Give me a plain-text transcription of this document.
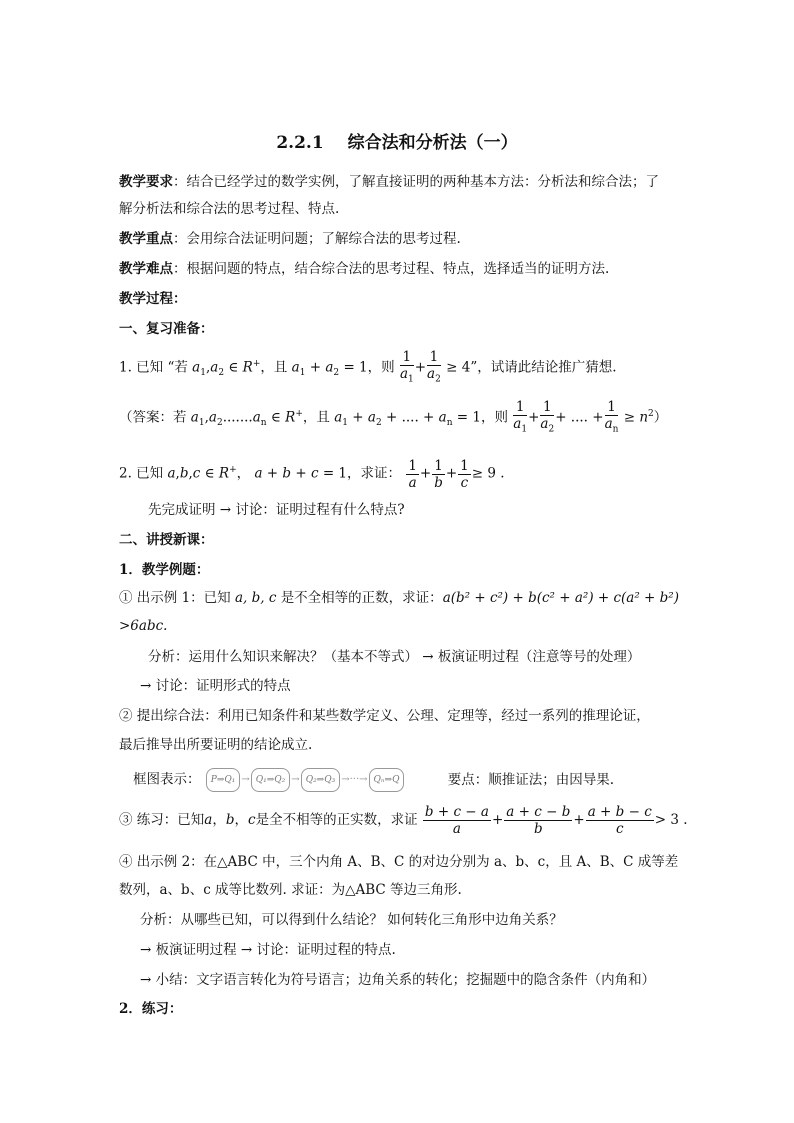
2.2.1 综合法和分析法（一）
教学要求：结合已经学过的数学实例，了解直接证明的两种基本方法：分析法和综合法；了
解分析法和综合法的思考过程、特点.
教学重点：会用综合法证明问题；了解综合法的思考过程.
教学难点：根据问题的特点，结合综合法的思考过程、特点，选择适当的证明方法.
教学过程：
一、复习准备：
1. 已知 “若 $a_1,a_2$ ∈ R+，且 $a_1 + a_2 = 1$，则 $\frac{1}{a_1} + \frac{1}{a_2} \ge 4$”，试请此结论推广猜想.
（答案：若 $a_1,a_2.......a_n$ ∈ R+，且 $a_1 + a_2$ + .... + $a_n = 1$，则 $\frac{1}{a_1} + \frac{1}{a_2}$ + .... + $\frac{1}{a_n} \ge n^2$）
2. 已知 a,b,c ∈ R+， a + b + c = 1，求证： $\frac{1}{a} + \frac{1}{b} + \frac{1}{c} \ge 9$ .
先完成证明 → 讨论：证明过程有什么特点?
二、讲授新课：
1．教学例题：
① 出示例 1：已知 a, b, c 是不全相等的正数，求证：a(b² + c²) + b(c² + a²) + c(a² + b²)
>6abc.
分析：运用什么知识来解决？（基本不等式） → 板演证明过程（注意等号的处理）
→ 讨论：证明形式的特点
② 提出综合法：利用已知条件和某些数学定义、公理、定理等，经过一系列的推理论证，
最后推导出所要证明的结论成立.
框图表示： P⇒Q₁ → Q₁⇒Q₂ → Q₂⇒Q₃ →···→ Qₙ⇒Q	要点：顺推证法；由因导果.
③ 练习：已知a，b，c是全不相等的正实数，求证 $\frac{b + c - a}{a} + \frac{a + c - b}{b} + \frac{a + b - c}{c} > 3$ .
④ 出示例 2：在△ABC 中，三个内角 A、B、C 的对边分别为 a、b、c，且 A、B、C 成等差
数列，a、b、c 成等比数列. 求证：为△ABC 等边三角形.
分析：从哪些已知，可以得到什么结论？ 如何转化三角形中边角关系？
→ 板演证明过程 → 讨论：证明过程的特点.
→ 小结：文字语言转化为符号语言；边角关系的转化；挖掘题中的隐含条件（内角和）
2．练习：
